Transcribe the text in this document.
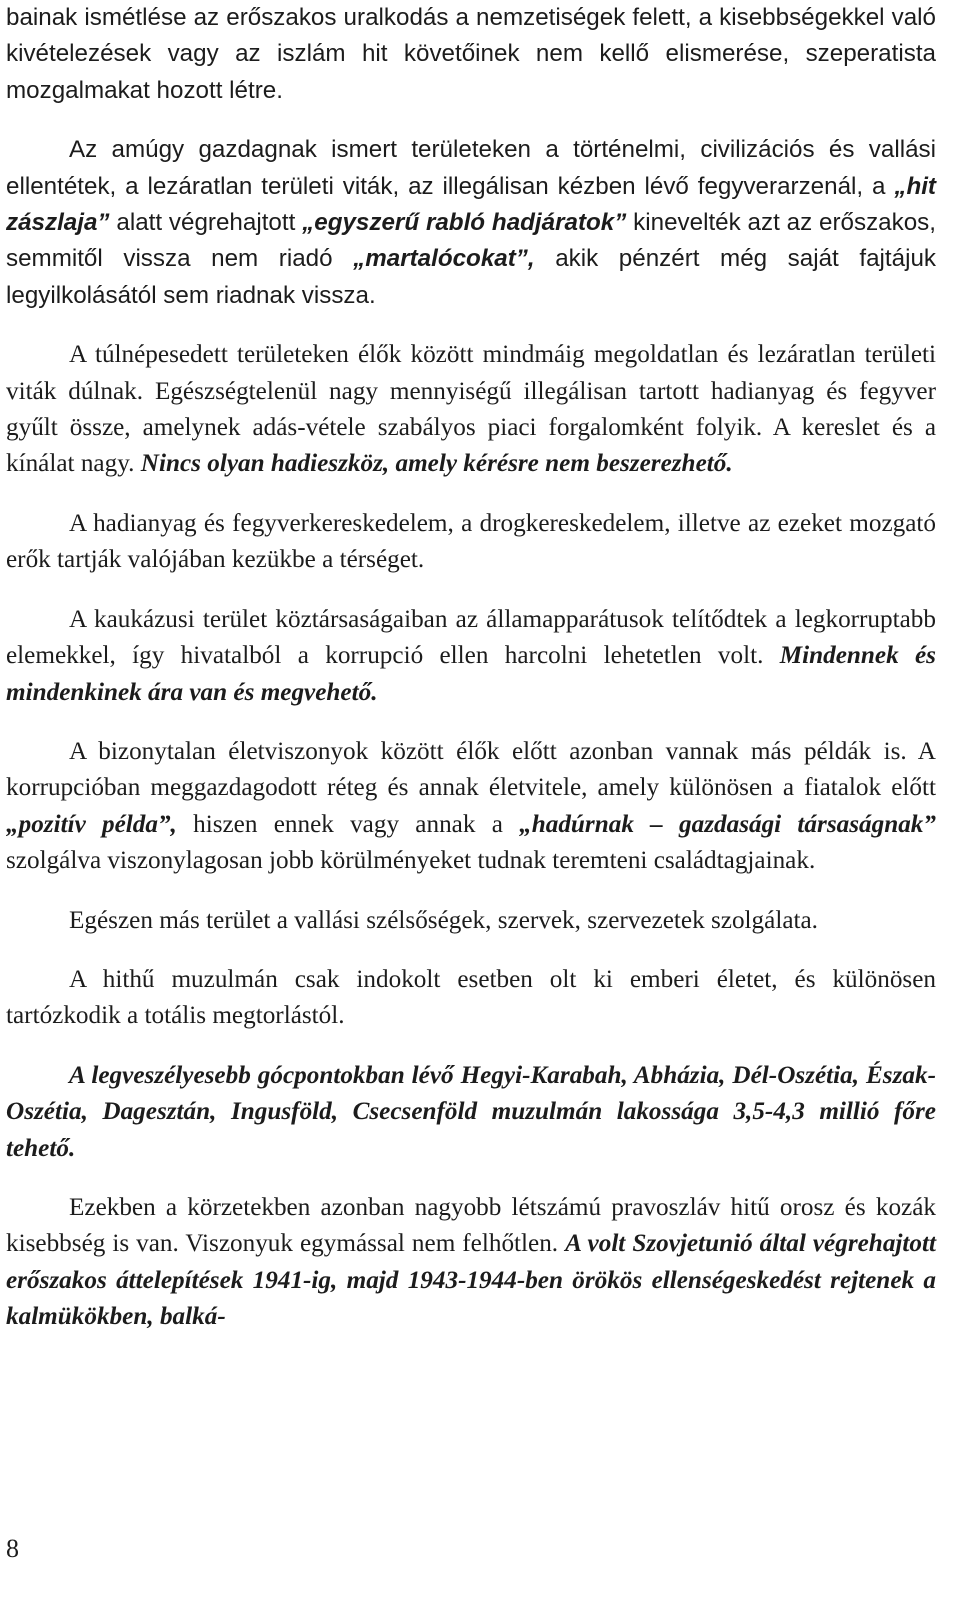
bainak ismétlése az erőszakos uralkodás a nemzetiségek felett, a kisebbségekkel való kivételezések vagy az iszlám hit követőinek nem kellő elismerése, szeperatista mozgalmakat hozott létre.

Az amúgy gazdagnak ismert területeken a történelmi, civilizációs és vallási ellentétek, a lezáratlan területi viták, az illegálisan kézben lévő fegyverarzenál, a „hit zászlaja” alatt végrehajtott „egyszerű rabló hadjáratok” kinevelték azt az erőszakos, semmitől vissza nem riadó „martalócokat”, akik pénzért még saját fajtájuk legyilkolásától sem riadnak vissza.

A túlnépesedett területeken élők között mindmáig megoldatlan és lezáratlan területi viták dúlnak. Egészségtelenül nagy mennyiségű illegálisan tartott hadianyag és fegyver gyűlt össze, amelynek adás-vétele szabályos piaci forgalomként folyik. A kereslet és a kínálat nagy. Nincs olyan hadieszköz, amely kérésre nem beszerezhető.

A hadianyag és fegyverkereskedelem, a drogkereskedelem, illetve az ezeket mozgató erők tartják valójában kezükbe a térséget.

A kaukázusi terület köztársaságaiban az államapparátusok telítődtek a legkorruptabb elemekkel, így hivatalból a korrupció ellen harcolni lehetetlen volt. Mindennek és mindenkinek ára van és megvehető.

A bizonytalan életviszonyok között élők előtt azonban vannak más példák is. A korrupcióban meggazdagodott réteg és annak életvitele, amely különösen a fiatalok előtt „pozitív példa”, hiszen ennek vagy annak a „hadúrnak – gazdasági társaságnak” szolgálva viszonylagosan jobb körülményeket tudnak teremteni családtagjainak.

Egészen más terület a vallási szélsőségek, szervek, szervezetek szolgálata.

A hithű muzulmán csak indokolt esetben olt ki emberi életet, és különösen tartózkodik a totális megtorlástól.

A legveszélyesebb gócpontokban lévő Hegyi-Karabah, Abházia, Dél-Oszétia, Észak-Oszétia, Dagesztán, Ingusföld, Csecsenföld muzulmán lakossága 3,5-4,3 millió főre tehető.

Ezekben a körzetekben azonban nagyobb létszámú pravoszláv hitű orosz és kozák kisebbség is van. Viszonyuk egymással nem felhőtlen. A volt Szovjetunió által végrehajtott erőszakos áttelepítések 1941-ig, majd 1943-1944-ben örökös ellenségeskedést rejtenek a kalmükökben, balká-

8
